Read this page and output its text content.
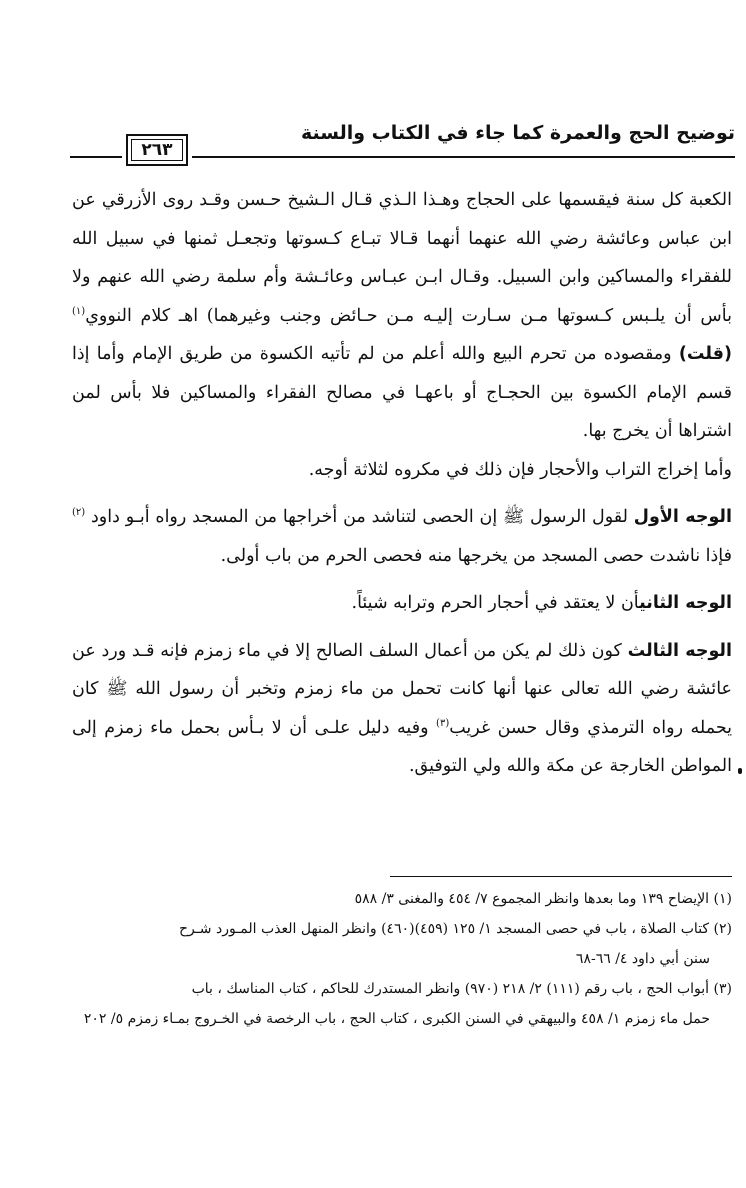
توضيح الحج والعمرة كما جاء في الكتاب والسنة
٢٦٣

الكعبة كل سنة فيقسمها على الحجاج وهـذا الـذي قـال الـشيخ حـسن وقـد روى الأزرقي عن ابن عباس وعائشة رضي الله عنهما أنهما قـالا تبـاع كـسوتها وتجعـل ثمنها في سبيل الله للفقراء والمساكين وابن السبيل. وقـال ابـن عبـاس وعائـشة وأم سلمة رضي الله عنهم ولا بأس أن يلـبس كـسوتها مـن سـارت إليـه مـن حـائض وجنب وغيرهما) اهـ كلام النووي$^{(١)}$ (قلت) ومقصوده من تحرم البيع والله أعلم من لم تأتيه الكسوة من طريق الإمام وأما إذا قسم الإمام الكسوة بين الحجـاج أو باعهـا في مصالح الفقراء والمساكين فلا بأس لمن اشتراها أن يخرج بها.

وأما إخراج التراب والأحجار فإن ذلك في مكروه لثلاثة أوجه.

الوجه الأول لقول الرسول ﷺ إن الحصى لتناشد من أخراجها من المسجد رواه أبـو داود $^{(٢)}$ فإذا ناشدت حصى المسجد من يخرجها منه فحصى الحرم من باب أولى.

الوجه الثانيأن لا يعتقد في أحجار الحرم وترابه شيئاً.

الوجه الثالث كون ذلك لم يكن من أعمال السلف الصالح إلا في ماء زمزم فإنه قـد ورد عن عائشة رضي الله تعالى عنها أنها كانت تحمل من ماء زمزم وتخبر أن رسول الله ﷺ كان يحمله رواه الترمذي وقال حسن غريب$^{(٣)}$ وفيه دليل علـى أن لا بـأس بحمل ماء زمزم إلى المواطن الخارجة عن مكة والله ولي التوفيق.

(١) الإيضاح ١٣٩ وما بعدها وانظر المجموع ٧/ ٤٥٤ والمغنى ٣/ ٥٨٨

(٢) كتاب الصلاة ، باب في حصى المسجد ١/ ١٢٥ (٤٥٩)(٤٦٠) وانظر المنهل العذب المـورد شـرح
سنن أبي داود ٤/ ٦٦-٦٨

(٣) أبواب الحج ، باب رقم (١١١) ٢/ ٢١٨ (٩٧٠) وانظر المستدرك للحاكم ، كتاب المناسك ، باب
حمل ماء زمزم ١/ ٤٥٨ والبيهقي في السنن الكبرى ، كتاب الحج ، باب الرخصة في الخـروج بمـاء زمزم ٥/ ٢٠٢
